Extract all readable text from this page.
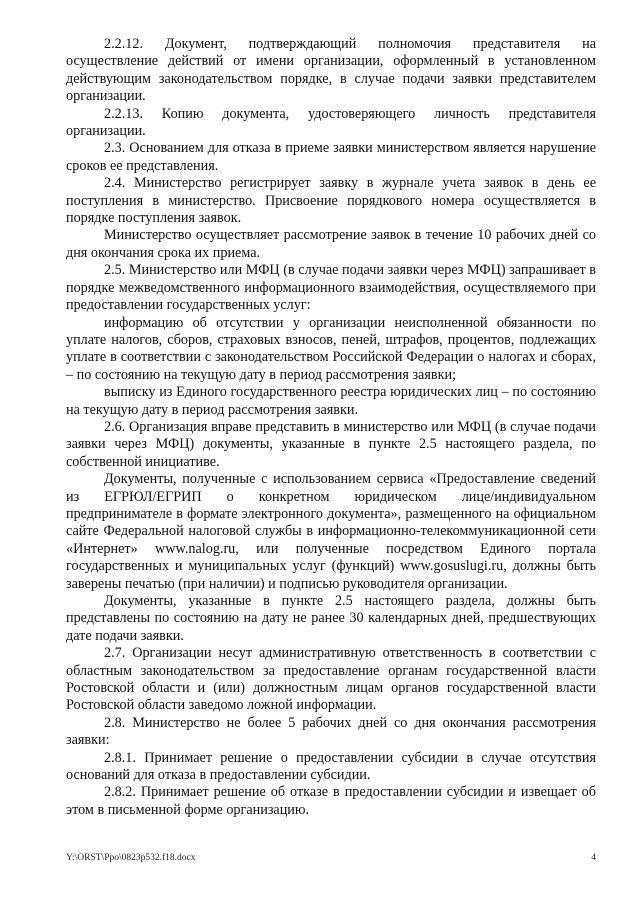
2.2.12. Документ, подтверждающий полномочия представителя на осуществление действий от имени организации, оформленный в установленном действующим законодательством порядке, в случае подачи заявки представителем организации.

2.2.13. Копию документа, удостоверяющего личность представителя организации.

2.3. Основанием для отказа в приеме заявки министерством является нарушение сроков ее представления.

2.4. Министерство регистрирует заявку в журнале учета заявок в день ее поступления в министерство. Присвоение порядкового номера осуществляется в порядке поступления заявок.

Министерство осуществляет рассмотрение заявок в течение 10 рабочих дней со дня окончания срока их приема.

2.5. Министерство или МФЦ (в случае подачи заявки через МФЦ) запрашивает в порядке межведомственного информационного взаимодействия, осуществляемого при предоставлении государственных услуг:

информацию об отсутствии у организации неисполненной обязанности по уплате налогов, сборов, страховых взносов, пеней, штрафов, процентов, подлежащих уплате в соответствии с законодательством Российской Федерации о налогах и сборах, – по состоянию на текущую дату в период рассмотрения заявки;

выписку из Единого государственного реестра юридических лиц – по состоянию на текущую дату в период рассмотрения заявки.

2.6. Организация вправе представить в министерство или МФЦ (в случае подачи заявки через МФЦ) документы, указанные в пункте 2.5 настоящего раздела, по собственной инициативе.

Документы, полученные с использованием сервиса «Предоставление сведений из ЕГРЮЛ/ЕГРИП о конкретном юридическом лице/индивидуальном предпринимателе в формате электронного документа», размещенного на официальном сайте Федеральной налоговой службы в информационно-телекоммуникационной сети «Интернет» www.nalog.ru, или полученные посредством Единого портала государственных и муниципальных услуг (функций) www.gosuslugi.ru, должны быть заверены печатью (при наличии) и подписью руководителя организации.

Документы, указанные в пункте 2.5 настоящего раздела, должны быть представлены по состоянию на дату не ранее 30 календарных дней, предшествующих дате подачи заявки.

2.7. Организации несут административную ответственность в соответствии с областным законодательством за предоставление органам государственной власти Ростовской области и (или) должностным лицам органов государственной власти Ростовской области заведомо ложной информации.

2.8. Министерство не более 5 рабочих дней со дня окончания рассмотрения заявки:

2.8.1. Принимает решение о предоставлении субсидии в случае отсутствия оснований для отказа в предоставлении субсидии.

2.8.2. Принимает решение об отказе в предоставлении субсидии и извещает об этом в письменной форме организацию.

Y:\ORST\Ppo\0823p532.f18.docx	4
